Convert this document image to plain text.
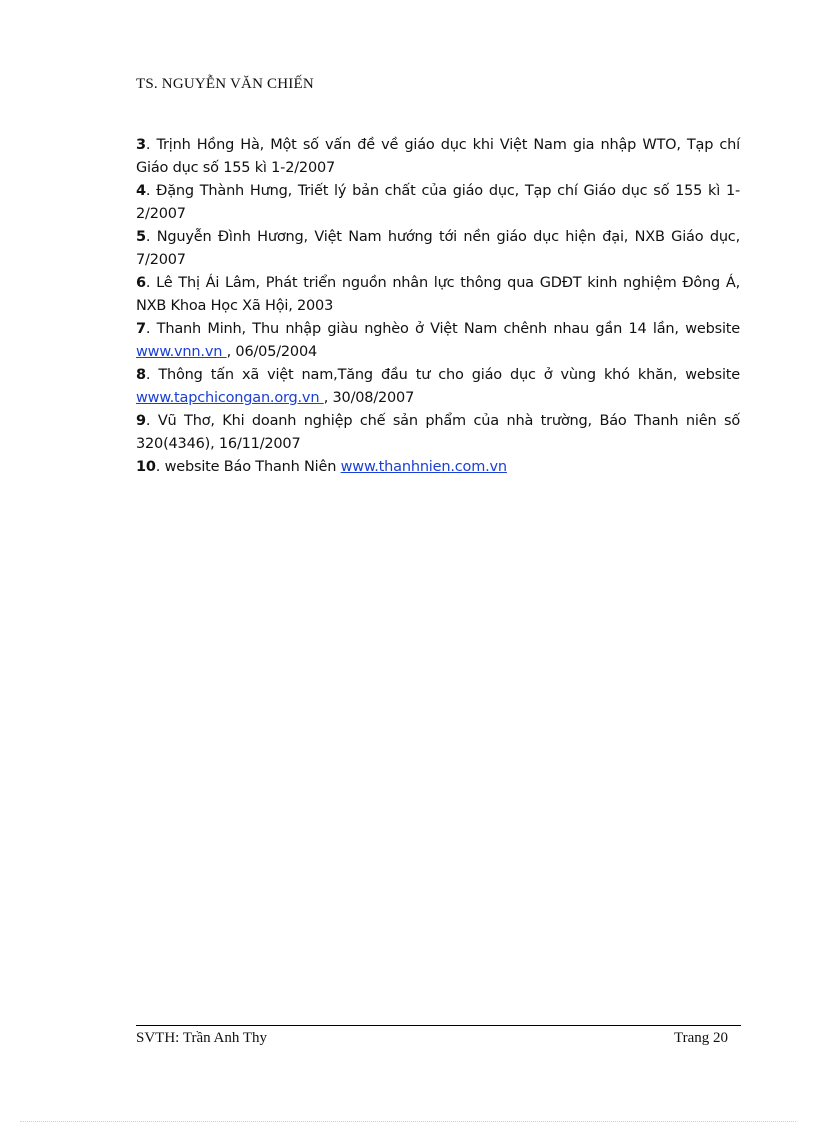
TS. NGUYỄN VĂN CHIẾN

3. Trịnh Hồng Hà, Một số vấn đề về giáo dục khi Việt Nam gia nhập WTO, Tạp chí Giáo dục số 155 kì 1-2/2007

4. Đặng Thành Hưng, Triết lý bản chất của giáo dục, Tạp chí Giáo dục số 155 kì 1-2/2007

5. Nguyễn Đình Hương, Việt Nam hướng tới nền giáo dục hiện đại, NXB Giáo dục, 7/2007

6. Lê Thị Ái Lâm, Phát triển nguồn nhân lực thông qua GDĐT kinh nghiệm Đông Á, NXB Khoa Học Xã Hội, 2003

7. Thanh Minh, Thu nhập giàu nghèo ở Việt Nam chênh nhau gần 14 lần, website www.vnn.vn , 06/05/2004

8. Thông tấn xã việt nam,Tăng đầu tư cho giáo dục ở vùng khó khăn, website www.tapchicongan.org.vn , 30/08/2007

9. Vũ Thơ, Khi doanh nghiệp chế sản phẩm của nhà trường, Báo Thanh niên số 320(4346), 16/11/2007

10. website Báo Thanh Niên www.thanhnien.com.vn

SVTH: Trần Anh Thy	Trang 20
